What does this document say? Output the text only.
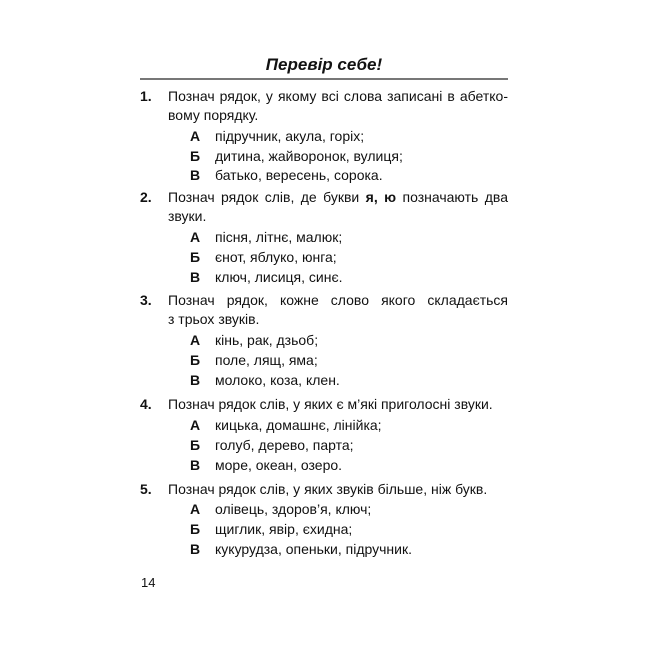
Перевір себе!
1. Познач рядок, у якому всі слова записані в абетко-
вому порядку.
А підручник, акула, горіх;
Б дитина, жайворонок, вулиця;
В батько, вересень, сорока.
2. Познач рядок слів, де букви я, ю позначають два
звуки.
А пісня, літнє, малюк;
Б єнот, яблуко, юнга;
В ключ, лисиця, синє.
3. Познач рядок, кожне слово якого складається
з трьох звуків.
А кінь, рак, дзьоб;
Б поле, лящ, яма;
В молоко, коза, клен.
4. Познач рядок слів, у яких є м’які приголосні звуки.
А кицька, домашнє, лінійка;
Б голуб, дерево, парта;
В море, океан, озеро.
5. Познач рядок слів, у яких звуків більше, ніж букв.
А олівець, здоров’я, ключ;
Б щиглик, явір, єхидна;
В кукурудза, опеньки, підручник.
14
